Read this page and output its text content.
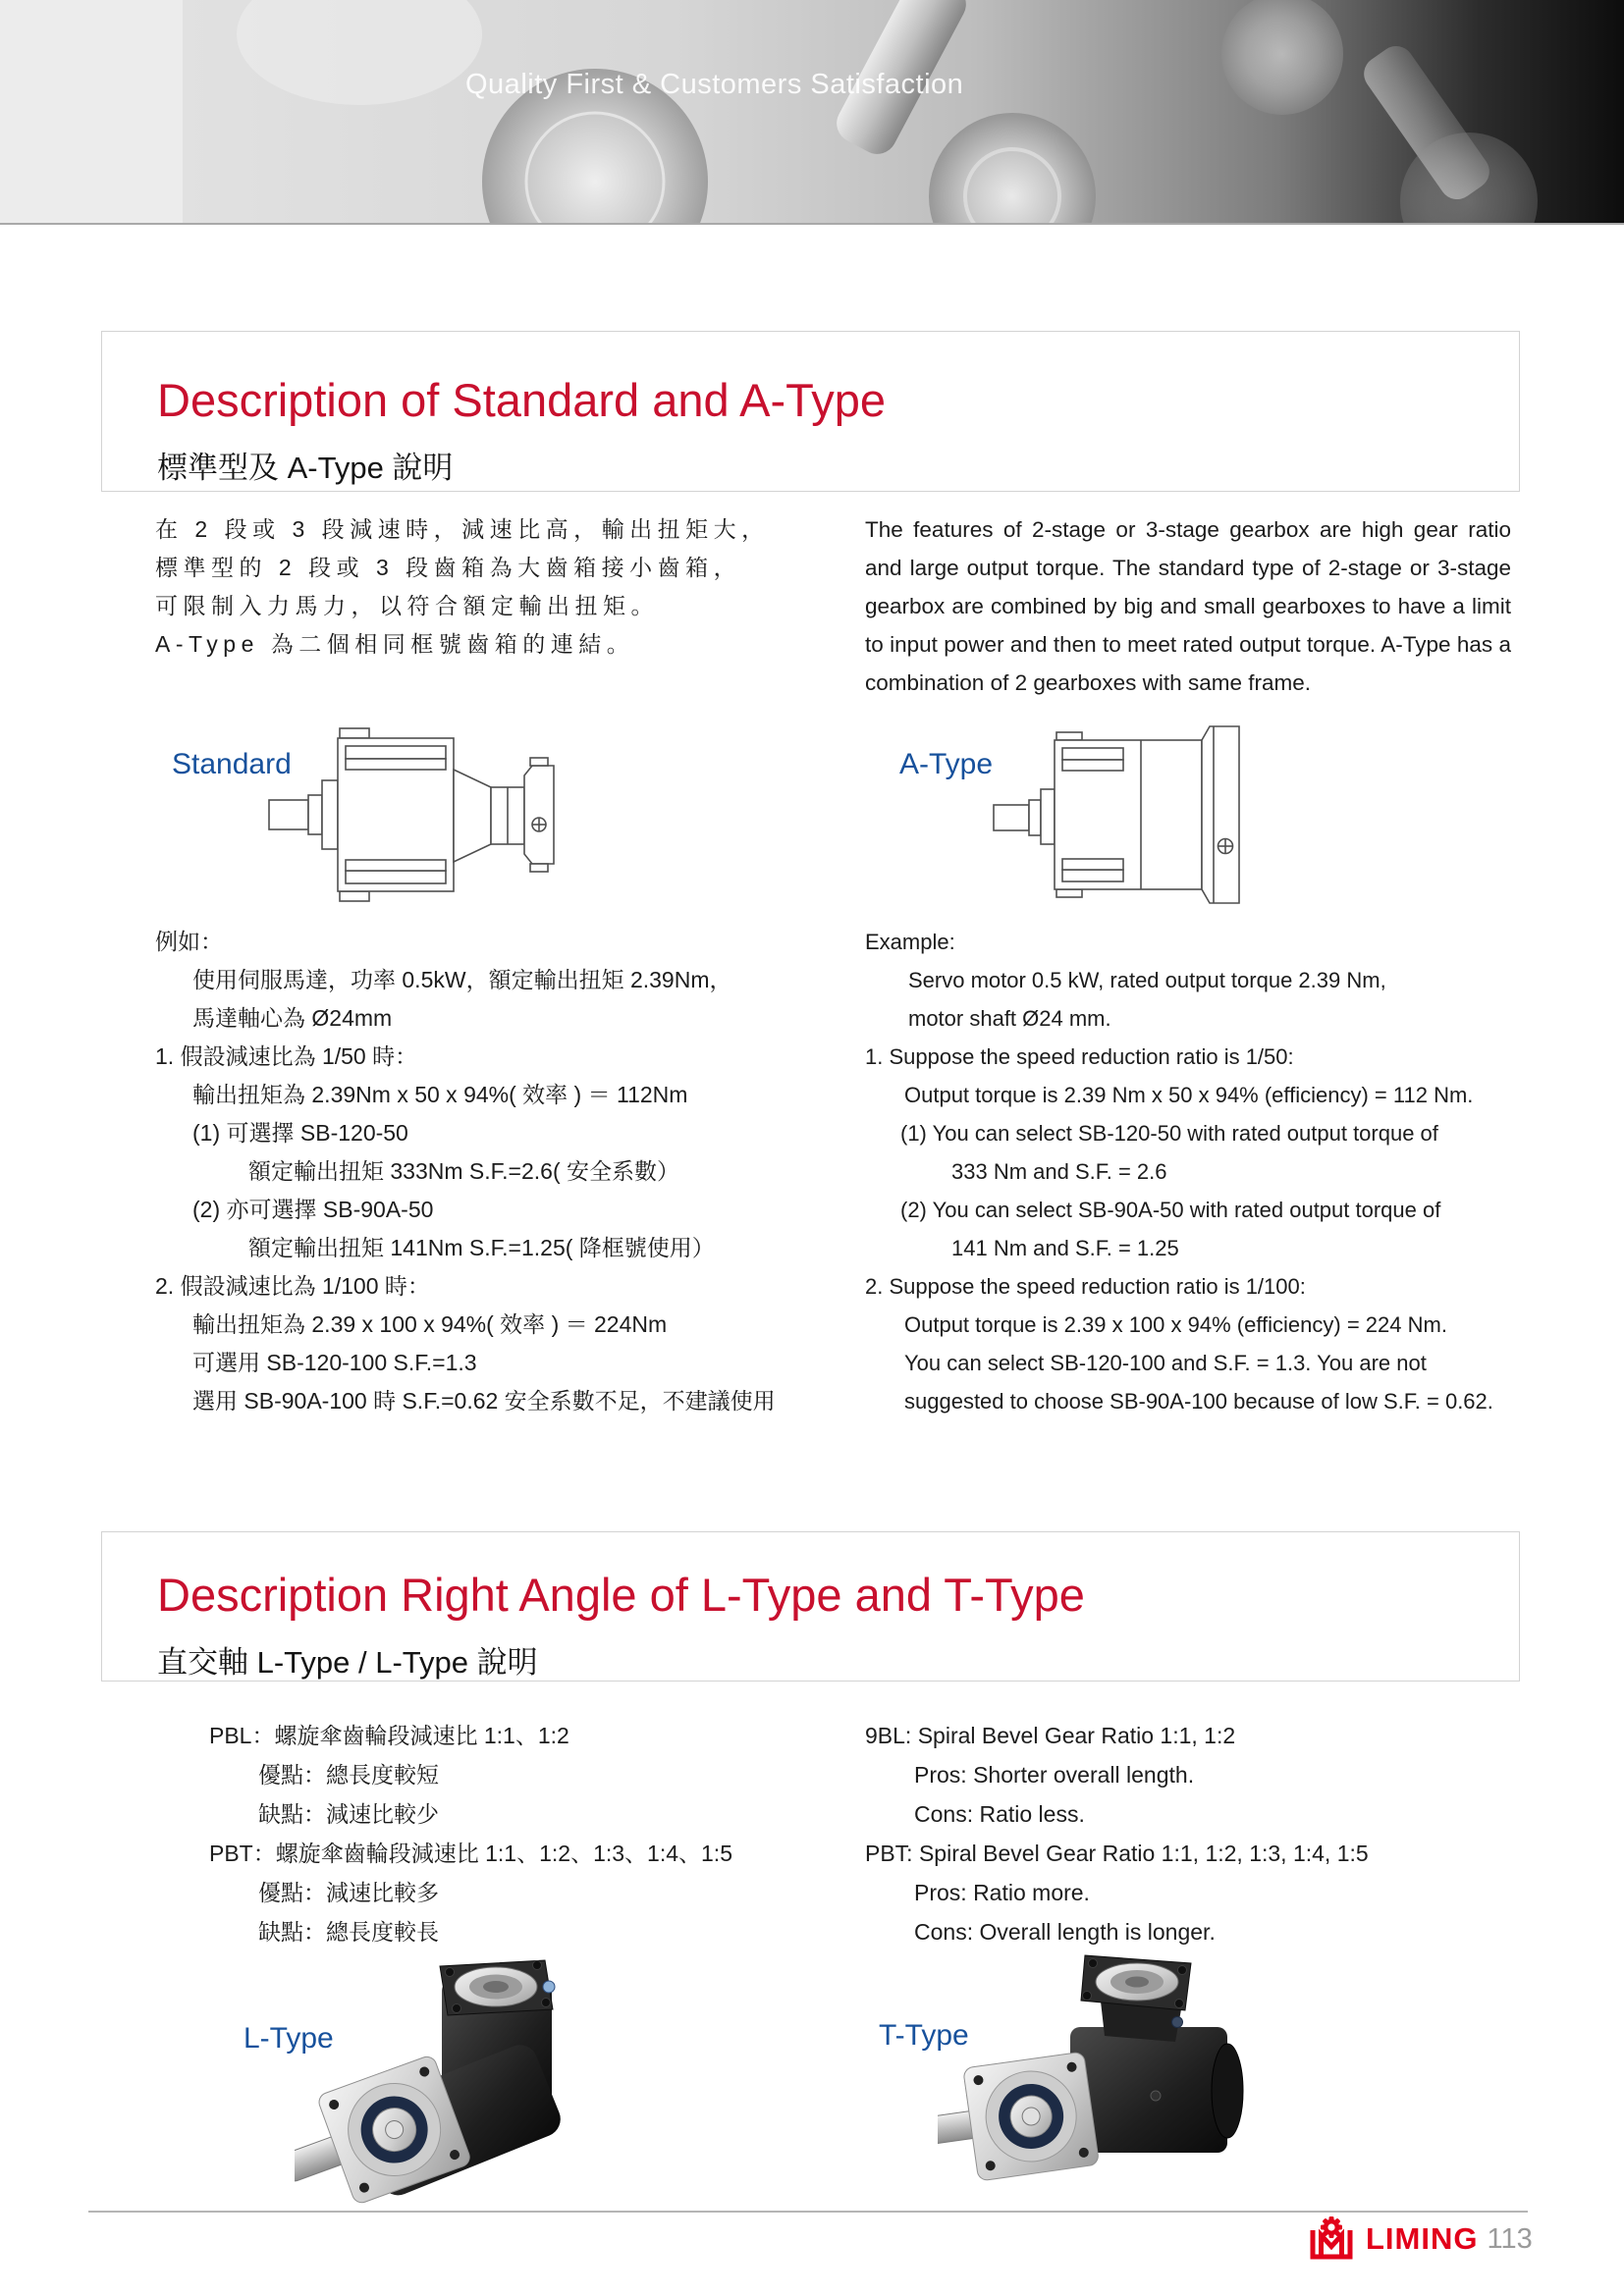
Quality First & Customers Satisfaction
Description of Standard and A-Type
標準型及 A-Type 說明
在 2 段或 3 段減速時，減速比高，輸出扭矩大，
標準型的 2 段或 3 段齒箱為大齒箱接小齒箱，
可限制入力馬力，以符合額定輸出扭矩。
A-Type 為二個相同框號齒箱的連結。

The features of 2-stage or 3-stage gearbox are high gear ratio and large output torque. The standard type of 2-stage or 3-stage gearbox are combined by big and small gearboxes to have a limit to input power and then to meet rated output torque. A-Type has a combination of 2 gearboxes with same frame.

Standard	A-Type
例如：
使用伺服馬達，功率 0.5kW，額定輸出扭矩 2.39Nm，
馬達軸心為 Ø24mm
1. 假設減速比為 1/50 時：
輸出扭矩為 2.39Nm x 50 x 94%( 效率 ) ＝ 112Nm
(1) 可選擇 SB-120-50
額定輸出扭矩 333Nm S.F.=2.6( 安全系數）
(2) 亦可選擇 SB-90A-50
額定輸出扭矩 141Nm S.F.=1.25( 降框號使用）
2. 假設減速比為 1/100 時：
輸出扭矩為 2.39 x 100 x 94%( 效率 ) ＝ 224Nm
可選用 SB-120-100 S.F.=1.3
選用 SB-90A-100 時 S.F.=0.62 安全系數不足，不建議使用
Example:
Servo motor 0.5 kW, rated output torque 2.39 Nm,
motor shaft Ø24 mm.
1. Suppose the speed reduction ratio is 1/50:
Output torque is 2.39 Nm x 50 x 94% (efficiency) = 112 Nm.
(1) You can select SB-120-50 with rated output torque of
333 Nm and S.F. = 2.6
(2) You can select SB-90A-50 with rated output torque of
141 Nm and S.F. = 1.25
2. Suppose the speed reduction ratio is 1/100:
Output torque is 2.39 x 100 x 94% (efficiency) = 224 Nm.
You can select SB-120-100 and S.F. = 1.3. You are not
suggested to choose SB-90A-100 because of low S.F. = 0.62.
Description Right Angle of L-Type and T-Type
直交軸 L-Type / L-Type 說明
PBL：螺旋傘齒輪段減速比 1:1、1:2
優點：總長度較短
缺點：減速比較少
PBT：螺旋傘齒輪段減速比 1:1、1:2、1:3、1:4、1:5
優點：減速比較多
缺點：總長度較長
9BL: Spiral Bevel Gear Ratio 1:1, 1:2
Pros: Shorter overall length.
Cons: Ratio less.
PBT: Spiral Bevel Gear Ratio 1:1, 1:2, 1:3, 1:4, 1:5
Pros: Ratio more.
Cons: Overall length is longer.
L-Type	T-Type
LIMING 113
